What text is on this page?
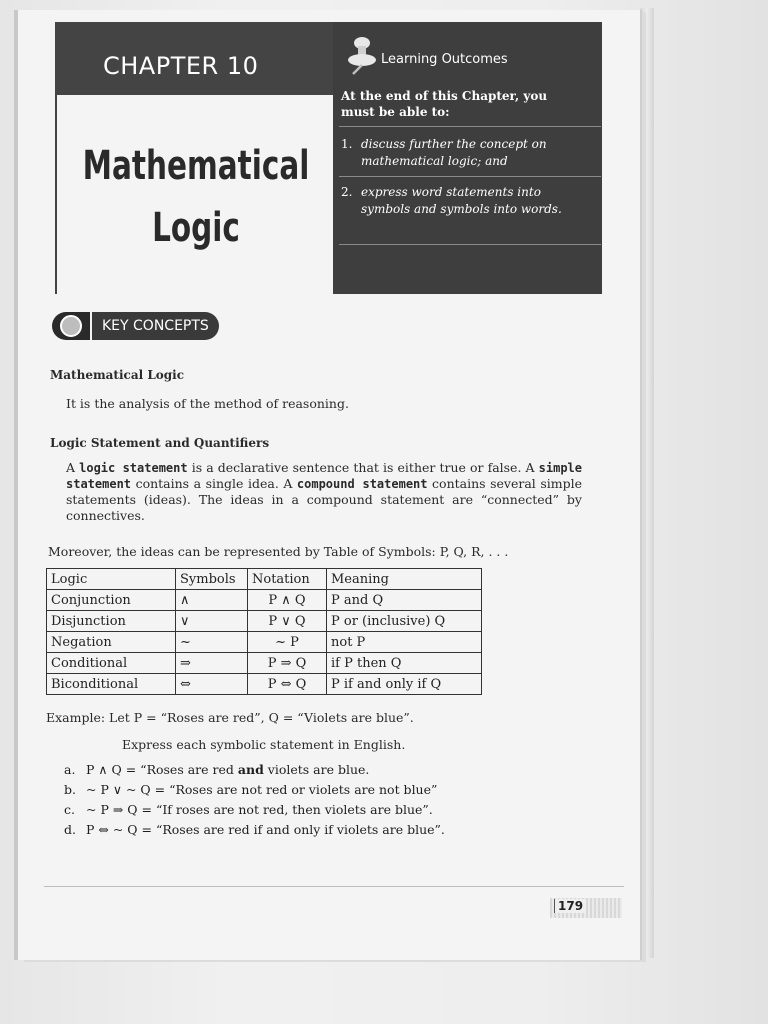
CHAPTER 10
Mathematical
Logic
Learning Outcomes
At the end of this Chapter, you must be able to:
1. discuss further the concept on mathematical logic; and
2. express word statements into symbols and symbols into words.
KEY CONCEPTS
Mathematical Logic
It is the analysis of the method of reasoning.
Logic Statement and Quantifiers
A logic statement is a declarative sentence that is either true or false. A simple statement contains a single idea. A compound statement contains several simple statements (ideas). The ideas in a compound statement are “connected” by connectives.
Moreover, the ideas can be represented by Table of Symbols: P, Q, R, . . .
Logic	Symbols	Notation	Meaning
Conjunction	∧	P ∧ Q	P and Q
Disjunction	∨	P ∨ Q	P or (inclusive) Q
Negation	~	~ P	not P
Conditional	⇒	P ⇒ Q	if P then Q
Biconditional	⇔	P ⇔ Q	P if and only if Q
Example: Let P = “Roses are red”, Q = “Violets are blue”.
Express each symbolic statement in English.
a. P ∧ Q = “Roses are red and violets are blue.
b. ~ P ∨ ~ Q = “Roses are not red or violets are not blue”
c. ~ P ⇒ Q = “If roses are not red, then violets are blue”.
d. P ⇔ ~ Q = “Roses are red if and only if violets are blue”.
179
